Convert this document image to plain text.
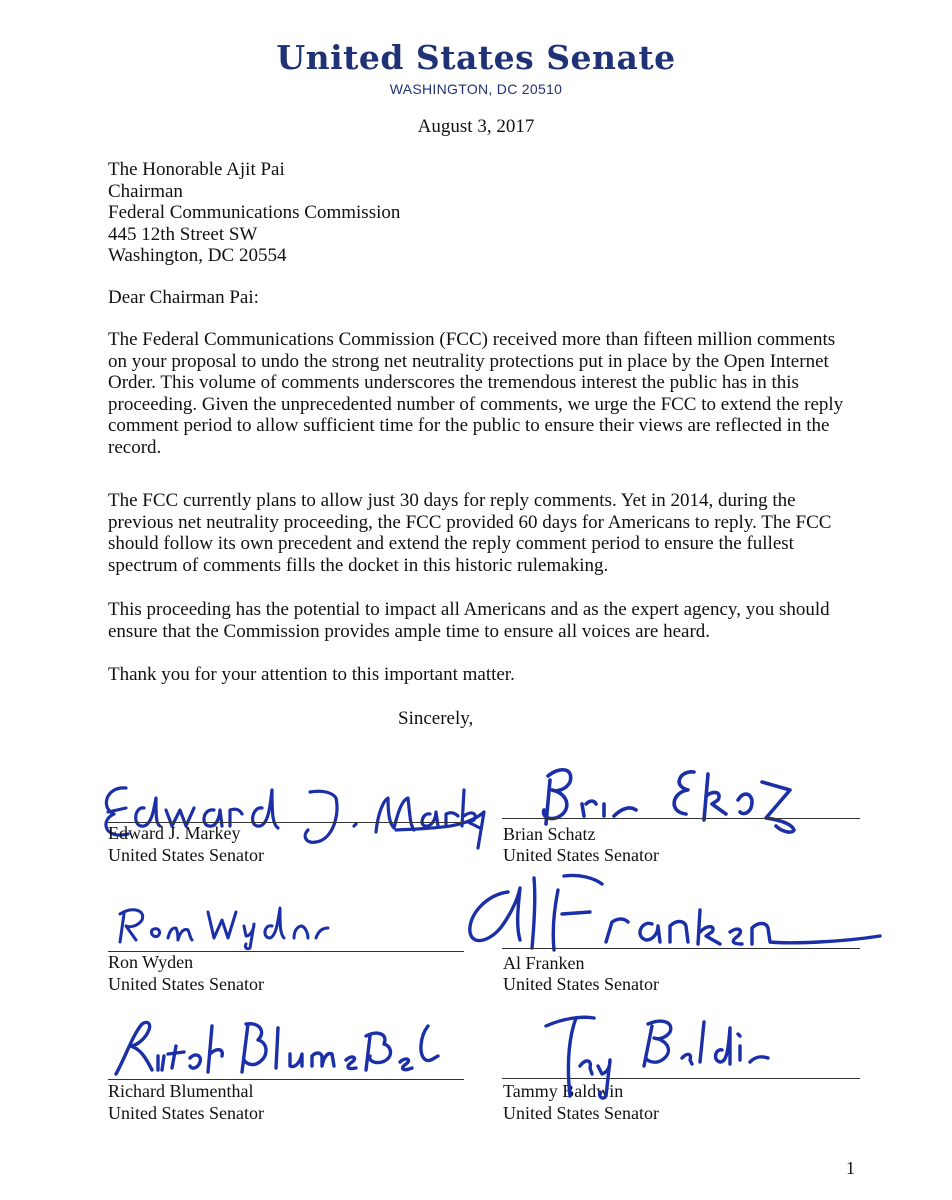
United States Senate
WASHINGTON, DC 20510
August 3, 2017
The Honorable Ajit Pai
Chairman
Federal Communications Commission
445 12th Street SW
Washington, DC 20554
Dear Chairman Pai:
The Federal Communications Commission (FCC) received more than fifteen million comments
on your proposal to undo the strong net neutrality protections put in place by the Open Internet
Order. This volume of comments underscores the tremendous interest the public has in this
proceeding. Given the unprecedented number of comments, we urge the FCC to extend the reply
comment period to allow sufficient time for the public to ensure their views are reflected in the
record.
The FCC currently plans to allow just 30 days for reply comments. Yet in 2014, during the
previous net neutrality proceeding, the FCC provided 60 days for Americans to reply. The FCC
should follow its own precedent and extend the reply comment period to ensure the fullest
spectrum of comments fills the docket in this historic rulemaking.
This proceeding has the potential to impact all Americans and as the expert agency, you should
ensure that the Commission provides ample time to ensure all voices are heard.
Thank you for your attention to this important matter.
Sincerely,
Edward J. Markey
United States Senator
Brian Schatz
United States Senator
Ron Wyden
United States Senator
Al Franken
United States Senator
Richard Blumenthal
United States Senator
Tammy Baldwin
United States Senator
1
